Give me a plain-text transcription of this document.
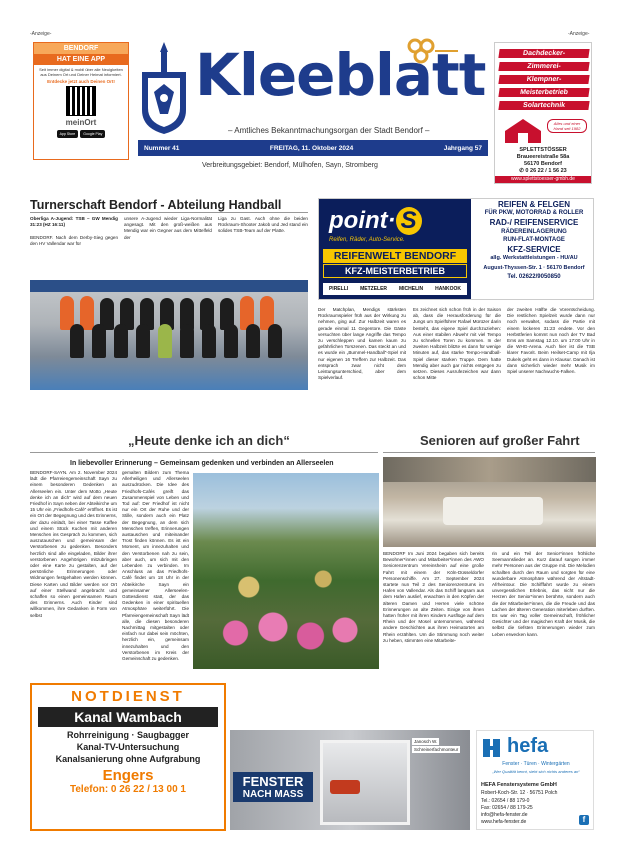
-Anzeige-	-Anzeige-
BENDORF
HAT EINE APP
Seit immer digital & mobil über alle Neuigkeiten aus Deinem Ort und Deiner Heimat informiert.
Entdecke jetzt auch Deinen Ort!
meinOrt
App Store	Google Play
Kleeblatt
– Amtliches Bekanntmachungsorgan der Stadt Bendorf –
Nummer 41	FREITAG, 11. Oktober 2024	Jahrgang 57
Verbreitungsgebiet: Bendorf, Mülhofen, Sayn, Stromberg
Dachdecker-
Zimmerei-
Klempner-
Meisterbetrieb
Solartechnik
Alles und einer Hand seit 1982
SPLETTSTÖSSER
Braueereistraße 58a
56170 Bendorf
✆ 0 26 22 / 1 56 23
www.splettstoesser-gmbh.de
Turnerschaft Bendorf - Abteilung Handball
Oberliga A-Jugend: TSB – GW Mendig 31:23 (HZ 16:11)
BENDORF. Nach dem Derby-Sieg gegen den HV Vallendar war für
unsere A-Jugend wieder Liga-Normalität angesagt. Mit den groß-weißen aus Mendig war ein Gegner aus dem Mittelfeld der
Liga zu Gast. Auch ohne die beiden Rückraum-Shooter Jakob und Jed stand ein solides TSB-Team auf der Platte.
Der Matchplan, Mendigs stärksten Rückraumspieler früh aus der Wirkung zu nehmen, ging auf. Zur Halbzeit waren es gerade einmal 11 Gegentore. Die Gäste versuchten über lange Angriffe das Tempo zu verschleppen und kamen kaum zu gefährlichen Torszenen. Das steckt an und es wurde ein „Bummel-Handball“-Spiel mit nur eigenen 16 Treffern zur Halbzeit. Das entsprach zwar nicht dem Leistungsunterschied, aber dem Spielverlauf.
Es zeichnet sich schon früh in der Saison ab, dass die Herausforderung für die Jungs um Spielführer Rafael Mürüzer darin besteht, das eigene Spiel durchzuziehen: Aus einer stabilen Abwehr mit viel Tempo zu schnellen Toren zu kommen. In der zweiten Halbzeit blitzte es dann für wenige Minuten auf, das starke Tempo-Handball-Spiel dieser starken Truppe. Dem hatte Mendig aber auch gar nichts entgegen zu setzen. Dieses Ausrufezeichen war dann schon Mitte
der zweiten Hälfte die Vorentscheidung. Die restlichen Spielzeit wurde dann nur noch verwaltet, sodass die Partie mit einem lockeren 31:23 endete. Vor den Herbstferien kommt nun noch der TV Bad Ems am Samstag 12.10. um 17:00 Uhr in die WHG-Arena. Auch hier ist die TSB klarer Favorit. Beim Heilset-Camp mit Ilja Dukels geht es dann in Klausur. Danach ist dann sicherlich wieder mehr Musik im Spiel unserer Nachwuchs-Falken.
point· S
Reifen, Räder, Auto-Service.
REIFENWELT BENDORF
KFZ-MEISTERBETRIEB
PIRELLI METZELER MICHELIN HANKOOK
REIFEN & FELGEN
FÜR PKW, MOTORRAD & ROLLER
RAD-/ REIFENSERVICE
RÄDEREINLAGERUNG
RUN-FLAT-MONTAGE
KFZ-SERVICE
allg. Werkstattleistungen - HU/AU
August-Thyssen-Str. 1 · 56170 Bendorf
Tel. 02622/9050850
„Heute denke ich an dich“
In liebevoller Erinnerung – Gemeinsam gedenken und verbinden an Allerseelen
BENDORF-SAYN. Am 2. November 2024 lädt die Pfarreiengemeinschaft Sayn zu einem besonderen Gedenken an Allerseelen ein. Unter dem Motto „Heute denke ich an dich“ wird auf dem neuen Friedhof in Sayn neben der Abteikirche um 15 Uhr ein „Friedhofs-Café“ eröffnet. Es ist ein Ort der Begegnung und des Erinnerns, der dazu einlädt, bei einer Tasse Kaffee und einem Stück Kuchen mit anderen Menschen ins Gespräch zu kommen, sich auszutauschen und gemeinsam der Verstorbenen zu gedenken. Besonders herzlich sind alle eingeladen, Bilder ihrer verstorbenen Angehörigen mitzubringen oder eine Karte zu gestalten, auf der persönliche Erinnerungen oder Widmungen festgehalten werden können. Diese Karten und Bilder werden vor Ort auf einer Stellwand angebracht und schaffen so einen gemeinsamen Raum des Erinnerns. Auch Kinder sind willkommen, ihre Gedanken in Form von selbst
gemalten Bildern zum Thema Allerheiligen und Allerseelen auszudrücken. Die Idee des Friedhofs-Cafés greift das Zusammenspiel von Leben und Tod auf: Der Friedhof ist nicht nur ein Ort der Ruhe und der Stille, sondern auch ein Platz der Begegnung, an dem sich Menschen treffen, Erinnerungen austauschen und miteinander Trost finden können. Es ist ein Moment, um innezuhalten und den Verstorbenen nah zu sein, aber auch, um sich mit den Lebenden zu verbinden. Im Anschluss an das Friedhofs-Café findet um 18 Uhr in der Abteikirche Sayn ein gemeinsamer Allerseelen-Gottesdienst statt, der das Gedenken in einer spirituellen Atmosphäre weiterführt. Die Pfarreiengemeinschaft Sayn lädt alle, die diesen besonderen Nachmittag mitgestalten oder einfach nur dabei sein möchten, herzlich ein, gemeinsam innezuhalten und den Verstorbenen im Kreis der Gemeinschaft zu gedenken.
Senioren auf großer Fahrt
BENDORF Im Juni 2024 begaben sich bereits Bewohner*innen und Mitarbeiter*innen des AWO Seniorenzentrum Vereinsheim auf eine große Fahrt mit einem der Köln-Düsseldorfer Personenschiffe. Am 27. September 2024 startete nun Teil 2 des Seniorenzentrums im Hafen von Vallendar. Als das Schiff langsam aus dem Hafen auslief, erwachten in den Köpfen der älteren Damen und Herren viele schöne Erinnerungen an alte Zeiten. Einige von ihnen hatten früher mit ihren Kindern Ausflüge auf dem Rhein und der Mosel unternommen, während andere Geschichten aus ihren Heimatorten am Rhein erzählten. Um die Stimmung noch weiter zu heben, stimmten eine Mitarbeite-
rin und ein Teil der Senior*innen fröhliche Seemannslieder an. Kurz darauf sangen immer mehr Personen aus der Gruppe mit. Die Melodien schallten durch den Raum und sorgten für eine wunderbare Atmosphäre während der Altstadt-Afrheintour. Die Schifffahrt wurde zu einem unvergesslichen Erlebnis, das nicht nur die Herzen der Senior*innen berührte, sondern auch die der Mitarbeiter*innen, die die Freude und das Lachen der älteren Generation miterleben durften. Es war ein Tag voller Gemeinschaft, fröhlicher Gesichter und der magischen Kraft der Musik, die selbst die tiefsten Erinnerungen wieder zum Leben erwecken kann.
NOTDIENST
Kanal Wambach
Rohrreinigung · Saugbagger
Kanal-TV-Untersuchung
Kanalsanierung ohne Aufgrabung
Engers
Telefon: 0 26 22 / 13 00 1
Janosch W.
Schreinerfachmonteur
FENSTER
NACH MASS
hefa
Fenster · Türen · Wintergärten
„Wer Qualität kennt, sieht sich nichts anderes an“
HEFA Fenstersysteme GmbH
Robert-Koch-Str. 12 · 56751 Polch
Tel.: 02654 / 88 179-0
Fax: 02654 / 88 179-25
info@hefa-fenster.de
www.hefa-fenster.de	f
